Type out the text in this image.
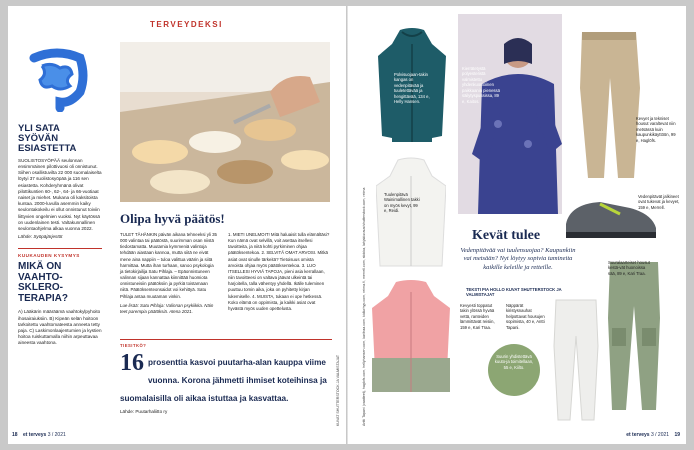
TERVEYDEKSI
YLI SATA SYÖVÄN ESIASTETTA
SUOLISTOSYÖPÄÄ seulonnan ensimmäinen pilottivuosi oli onnistunut. Siihen osallistuvilta 22 000 suomalaiselta löytyi 37 suolistosyöpää ja 116 sen esiastetta. Kohderyhmänä olivat pilottikuntien 60-, 62-, 64- ja 66-vuotiaat naiset ja miehet. Mukana oli kaksitoista kuntaa. 2000-luvulla asemmin kaiky seulontakokeilu ei ollut onnistunut toiviin liittyvien ongelmien vuoksi. Nyt käytössä on uudenlainen testi. Valtakunnallinen seulontaohjelma alkaa vuonna 2022.
Lähde: Syöpäjärjestöt
KUUKAUDEN KYSYMYS
MIKÄ ON VAAHTO-SKLERO-TERAPIA?
A) Lääkärin määräämä vaahtokylpyhoito ihosairaiuksiin. B) Kipeän selän hoitoon tarkoitettu vaahtomateesta anneeta tetty paja. C) Laskimonlaajentumien ja kystien hoitoa ruiskuttamalla niihin arpeuttavaa aineesta vaahtona.
Olipa hyvä päätös!
TULET TÄHÄNKIN päivän aikana tehneeksi yli 35 000 valintaa tai päätöstä, suurimman osan niistä tiedostamatta. Muutamia kymmeniä valintoja tehdään aiastaan kannoa, mutta siitä ne eivät mene aina nappiin – tuloa valittua väärin ja siitä harmittaa. Mutta ihan turhaan, sanoo psykologia ja tietokirjailija Satu Pihlaja. – Epäonnistuneen valinnan sijaan kannattaa kiinnittää huomiota onnistuneisiin päätöksiin ja pyrkiä toistamaan niitä. Päätöksenteonsaidot voi kehittyä. Satu Pihlaja antaa muutaman vinkin.
Lue lisää: Satu Pihlaja: Valinnan psykiikka. Näin teet parempia päätöksiä. Atena 2021.
1. MIETI UNELMOIT! Mitä haluaisit tulla elämältäsi? Kun nämä ovat selvillä, voit asettaa itsellesi tavoitteita, ja niitä kohti pyrkiminen ohjaa päätöksentekoa. 2. SELVITÄ OMAT ARVOSI. Mitkä asiat ovat sinulle tärkeitä? Tietoisuus omista arvoista ohjaa myös päätöksentekoa. 3. LUO ITSELLESI HYVIÄ TAPOJA, pieni asia kerrallaan, niin tavoitteesi on valtava jäävat ulkeintä tai harjoitella, talla vähentyy yhdellä. Ikälle tuleminen puuttuu tomin aika, joka on pyhitetty kirjan lukemiselle. 4. MUISTA, tukaan ei ope hetkessä. Koko elämä on oppimista, ja kaikki asiat ovat hyvästä myös uuden opettelusta.
TIESITKÖ?
16 prosenttia kasvoi puutarha-alan kauppa viime vuonna. Korona jähmetti ihmiset koteihinsa ja suomalaisilla oli aikaa istuttaa ja kasvattaa.
Lähde: Puutarhaliitto ry	KUVAT SHUTTERSTOCK JA VALMISTAJAT
18 et terveys 3 / 2021
Antti Tapani (vaatteet), haglofs.com, hellyhansen.com, karitraa.com, kidlurhyp.com, reima.fi, merrell.com, stokka, lahjakiuraus/shutterstock.com, reima
Polvisuojaan-takin kangas on vedenpitävää ja tuuletettävää ja hengittävää, 134 e, Helly Hansen.
Kierrätetystä polyesteristä valmistettu yhdenkuontoinen paikkaanin pienessä säilytyspussissa, 89 e, Kaitos.
Kevyet ja tekniset housut varaltevat niin metsässä kuin kaupunkikäyttöön, 99 e, Haglöfs.
Tuulenpitävä Wainimallinen takki on myös kevyt, 99 e, Reidi.
Vedenpitävät jalkineet ovat tukevat ja kevyet, 159 e, Merrell.
Kevät tulee
Vedenpitävää vai tuulensuojaa? Kaupunkiin vai metsään? Nyt löytyy sopivia tamineita kaikille keleille ja retteille.
TEKSTI PIA HOLLO KUVAT SHUTTERSTOCK JA VALMISTAJAT
Kevyesti toppatut takin ylössä hyvää vettä, ranteiden lämmittävät reisiin, 159 e, Kari Traa.
Näppärät kiristysnauhat helpottavat housujen sopimista, 40 e, Antti Tapani.
Suurin yhdistettävä kuuto-ja toimitellaan, 55 e, Kiilto.
Suuralaarteiset housut kestä-vät huonoissa sää, 89 e, Kari Traa.
et terveys 3 / 2021 19
